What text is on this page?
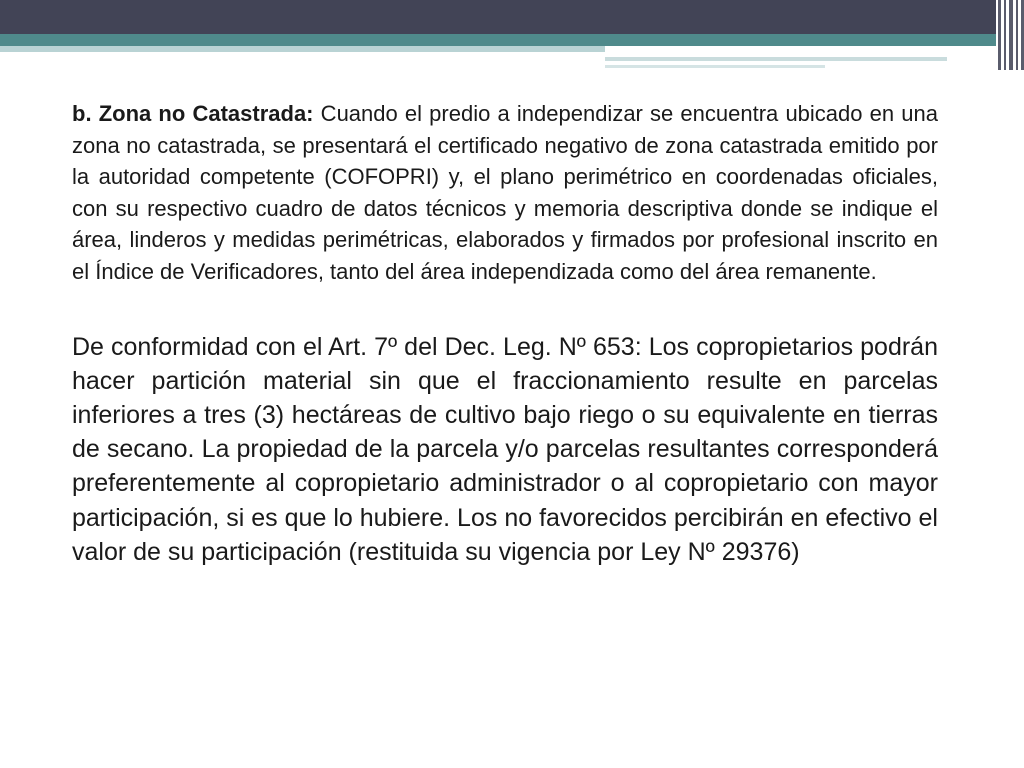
b. Zona no Catastrada: Cuando el predio a independizar se encuentra ubicado en una zona no catastrada, se presentará el certificado negativo de zona catastrada emitido por la autoridad competente (COFOPRI) y, el plano perimétrico en coordenadas oficiales, con su respectivo cuadro de datos técnicos y memoria descriptiva donde se indique el área, linderos y medidas perimétricas, elaborados y firmados por profesional inscrito en el Índice de Verificadores, tanto del área independizada como del área remanente.

De conformidad con el Art. 7º del Dec. Leg. Nº 653: Los copropietarios podrán hacer partición material sin que el fraccionamiento resulte en parcelas inferiores a tres (3) hectáreas de cultivo bajo riego o su equivalente en tierras de secano. La propiedad de la parcela y/o parcelas resultantes corresponderá preferentemente al copropietario administrador o al copropietario con mayor participación, si es que lo hubiere. Los no favorecidos percibirán en efectivo el valor de su participación (restituida su vigencia por Ley Nº 29376)
